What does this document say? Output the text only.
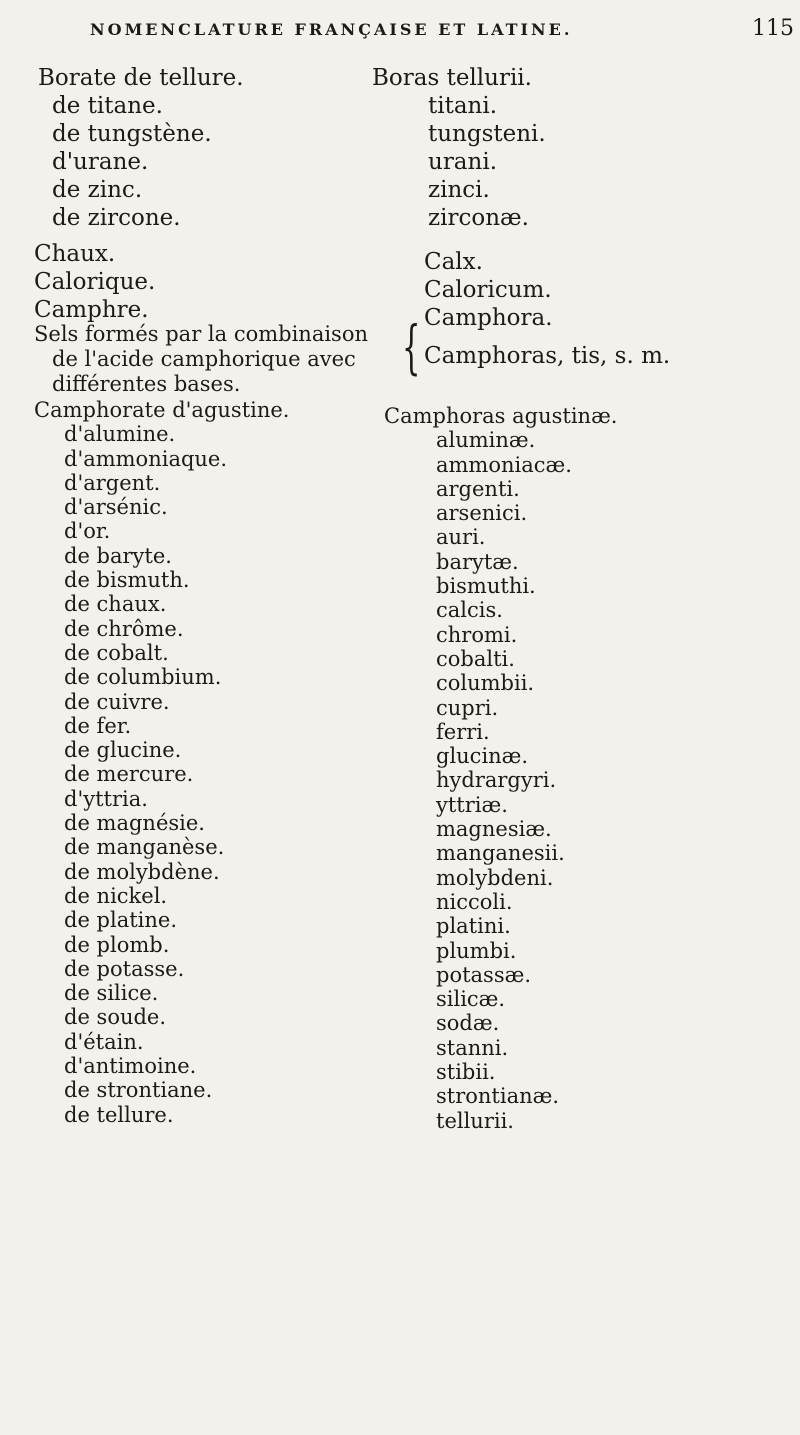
NOMENCLATURE FRANÇAISE ET LATINE.	115
Borate de tellure.
de titane.
de tungstène.
d'urane.
de zinc.
de zircone.
Boras tellurii.
titani.
tungsteni.
urani.
zinci.
zirconæ.
Chaux.
Calorique.
Camphre.
Calx.
Caloricum.
Camphora.
Sels formés par la combinaison
de l'acide camphorique avec
différentes bases.
{ Camphoras, tis, s. m.
Camphorate d'agustine.
d'alumine.
d'ammoniaque.
d'argent.
d'arsénic.
d'or.
de baryte.
de bismuth.
de chaux.
de chrôme.
de cobalt.
de columbium.
de cuivre.
de fer.
de glucine.
de mercure.
d'yttria.
de magnésie.
de manganèse.
de molybdène.
de nickel.
de platine.
de plomb.
de potasse.
de silice.
de soude.
d'étain.
d'antimoine.
de strontiane.
de tellure.
Camphoras agustinæ.
aluminæ.
ammoniacæ.
argenti.
arsenici.
auri.
barytæ.
bismuthi.
calcis.
chromi.
cobalti.
columbii.
cupri.
ferri.
glucinæ.
hydrargyri.
yttriæ.
magnesiæ.
manganesii.
molybdeni.
niccoli.
platini.
plumbi.
potassæ.
silicæ.
sodæ.
stanni.
stibii.
strontianæ.
tellurii.
